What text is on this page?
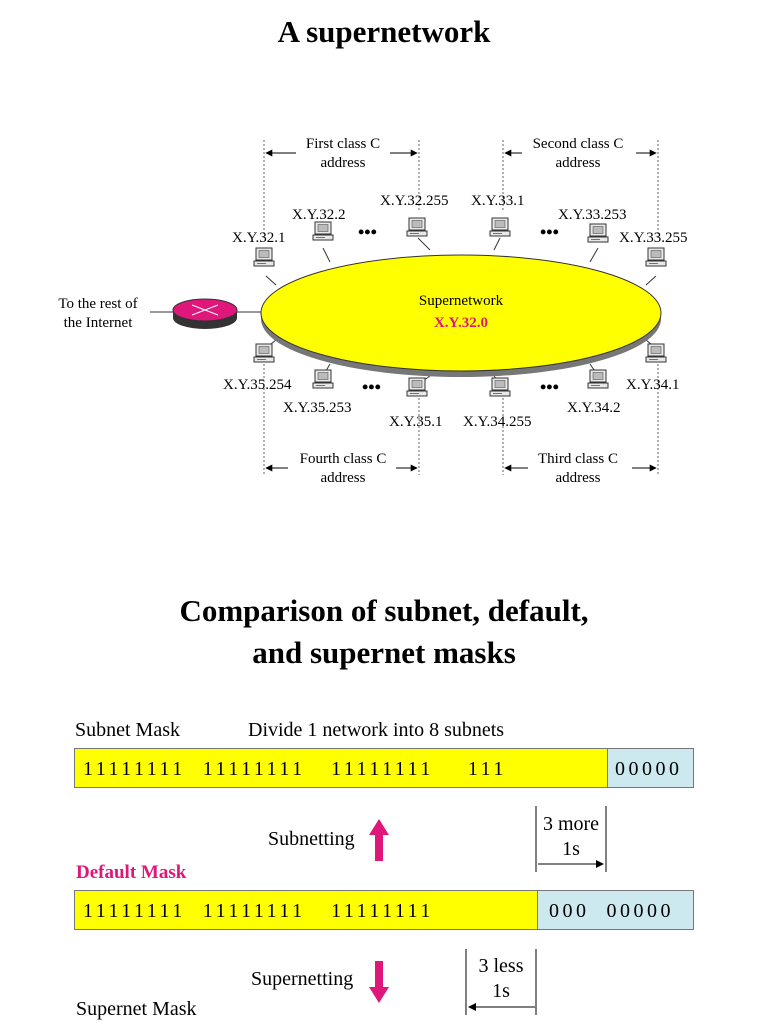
A supernetwork
First class C
address
Second class C
address
Fourth class C
address
Third class C
address
Supernetwork
X.Y.32.0
To the rest of
the Internet
•••	•••
•••	•••
X.Y.32.1
X.Y.32.2
X.Y.32.255 X.Y.33.1
X.Y.33.253
X.Y.33.255
X.Y.34.1
X.Y.34.2
X.Y.34.255
X.Y.35.1
X.Y.35.253
X.Y.35.254
Comparison of subnet, default,
and supernet masks
Subnet Mask	Divide 1 network into 8 subnets
11111111  11111111   11111111    111	00000
Subnetting
3 more
1s
Default Mask
11111111  11111111   11111111	000  00000
Supernetting
3 less
1s
Supernet Mask
